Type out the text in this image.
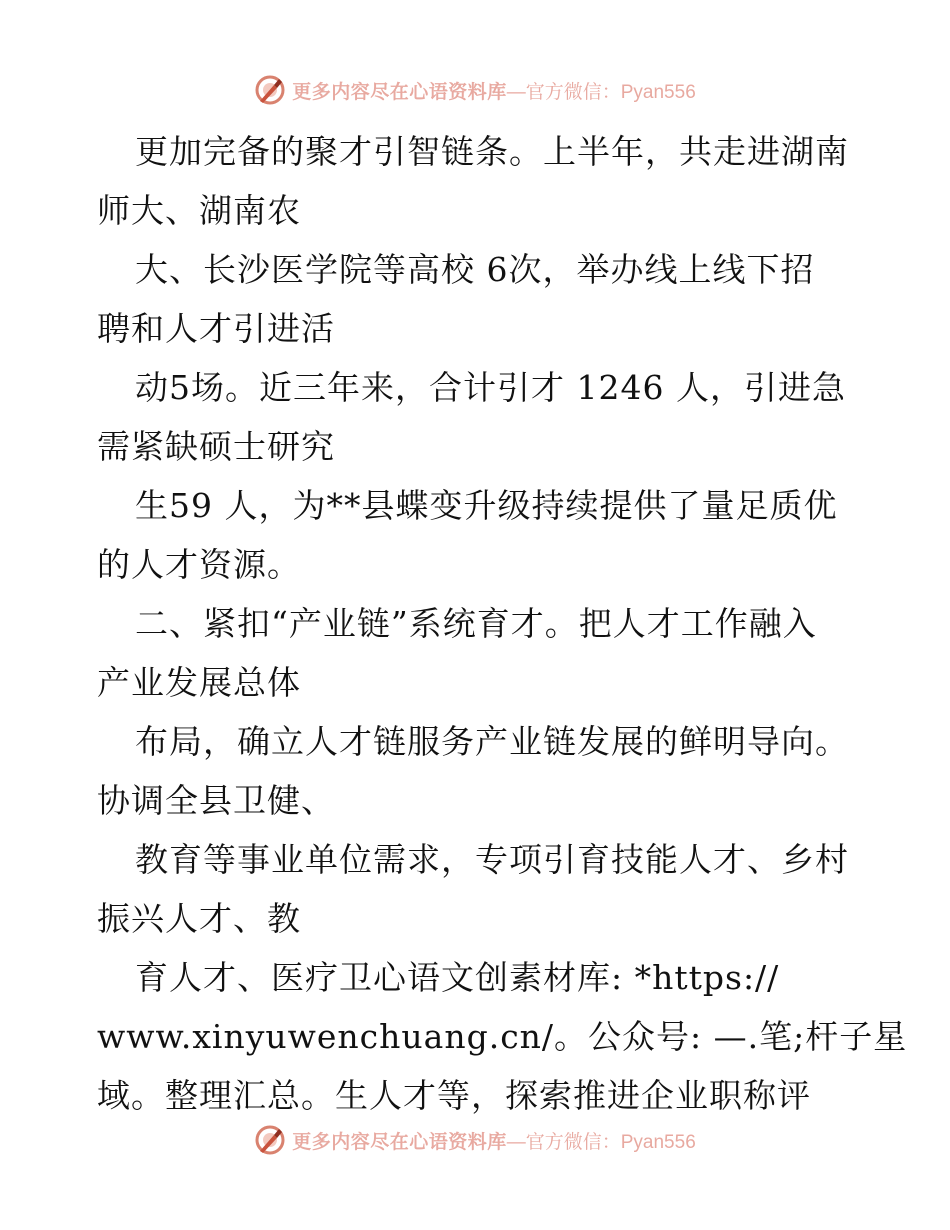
更多内容尽在心语资料库 —官方微信：Pyan556
更加完备的聚才引智链条。上半年，共走进湖南
师大、湖南农
大、长沙医学院等高校 6次，举办线上线下招
聘和人才引进活
动5场。近三年来，合计引才 1246 人，引进急
需紧缺硕士研究
生59 人，为**县蝶变升级持续提供了量足质优
的人才资源。
二、紧扣“产业链”系统育才。把人才工作融入
产业发展总体
布局，确立人才链服务产业链发展的鲜明导向。
协调全县卫健、
教育等事业单位需求，专项引育技能人才、乡村
振兴人才、教
育人才、医疗卫心语文创素材库: *https://
www.xinyuwenchuang.cn/。公众号: —.笔;杆子星
域。整理汇总。生人才等，探索推进企业职称评
更多内容尽在心语资料库 —官方微信：Pyan556
